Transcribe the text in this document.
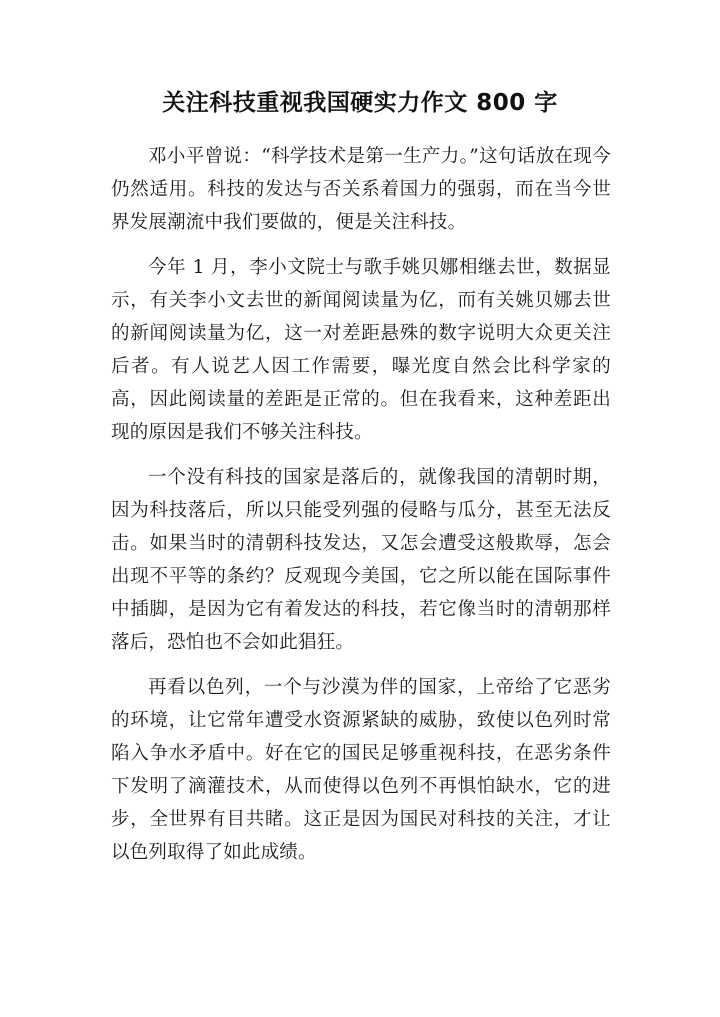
关注科技重视我国硬实力作文 800 字

邓小平曾说：“科学技术是第一生产力。”这句话放在现今仍然适用。科技的发达与否关系着国力的强弱，而在当今世界发展潮流中我们要做的，便是关注科技。

今年 1 月，李小文院士与歌手姚贝娜相继去世，数据显示，有关李小文去世的新闻阅读量为亿，而有关姚贝娜去世的新闻阅读量为亿，这一对差距悬殊的数字说明大众更关注后者。有人说艺人因工作需要，曝光度自然会比科学家的高，因此阅读量的差距是正常的。但在我看来，这种差距出现的原因是我们不够关注科技。

一个没有科技的国家是落后的，就像我国的清朝时期，因为科技落后，所以只能受列强的侵略与瓜分，甚至无法反击。如果当时的清朝科技发达，又怎会遭受这般欺辱，怎会出现不平等的条约？反观现今美国，它之所以能在国际事件中插脚，是因为它有着发达的科技，若它像当时的清朝那样落后，恐怕也不会如此猖狂。

再看以色列，一个与沙漠为伴的国家，上帝给了它恶劣的环境，让它常年遭受水资源紧缺的威胁，致使以色列时常陷入争水矛盾中。好在它的国民足够重视科技，在恶劣条件下发明了滴灌技术，从而使得以色列不再惧怕缺水，它的进步，全世界有目共睹。这正是因为国民对科技的关注，才让以色列取得了如此成绩。
